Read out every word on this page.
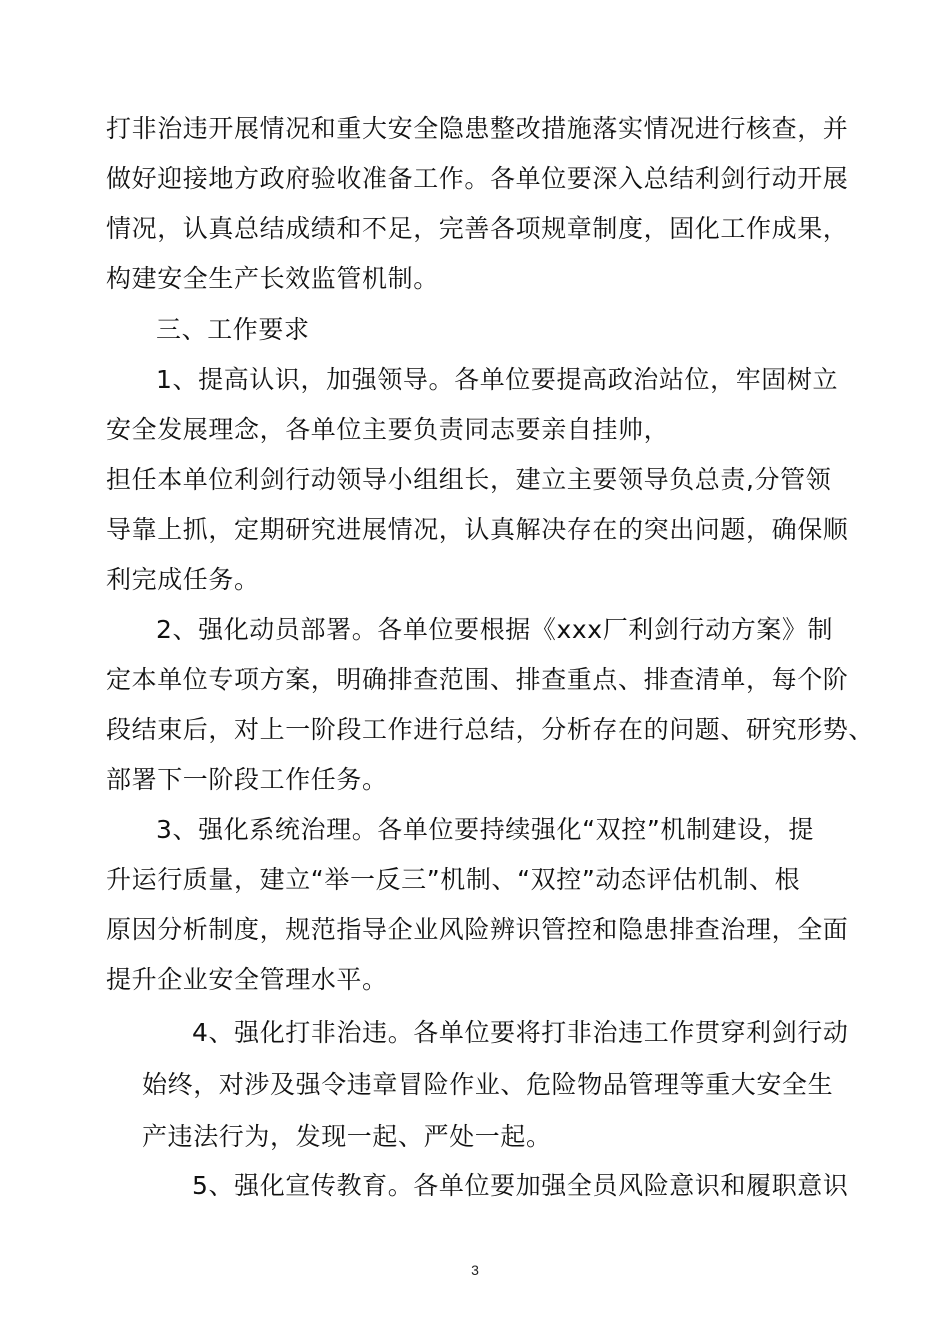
打非治违开展情况和重大安全隐患整改措施落实情况进行核查，并
做好迎接地方政府验收准备工作。各单位要深入总结利剑行动开展
情况，认真总结成绩和不足，完善各项规章制度，固化工作成果，
构建安全生产长效监管机制。
三、工作要求
1、提高认识，加强领导。各单位要提高政治站位，牢固树立
安全发展理念，各单位主要负责同志要亲自挂帅，
担任本单位利剑行动领导小组组长，建立主要领导负总责,分管领
导靠上抓，定期研究进展情况，认真解决存在的突出问题，确保顺
利完成任务。
2、强化动员部署。各单位要根据《xxx厂利剑行动方案》制
定本单位专项方案，明确排查范围、排查重点、排查清单，每个阶
段结束后，对上一阶段工作进行总结，分析存在的问题、研究形势、
部署下一阶段工作任务。
3、强化系统治理。各单位要持续强化“双控”机制建设，提
升运行质量，建立“举一反三”机制、“双控”动态评估机制、根
原因分析制度，规范指导企业风险辨识管控和隐患排查治理，全面
提升企业安全管理水平。
4、强化打非治违。各单位要将打非治违工作贯穿利剑行动
始终，对涉及强令违章冒险作业、危险物品管理等重大安全生
产违法行为，发现一起、严处一起。
5、强化宣传教育。各单位要加强全员风险意识和履职意识
3
